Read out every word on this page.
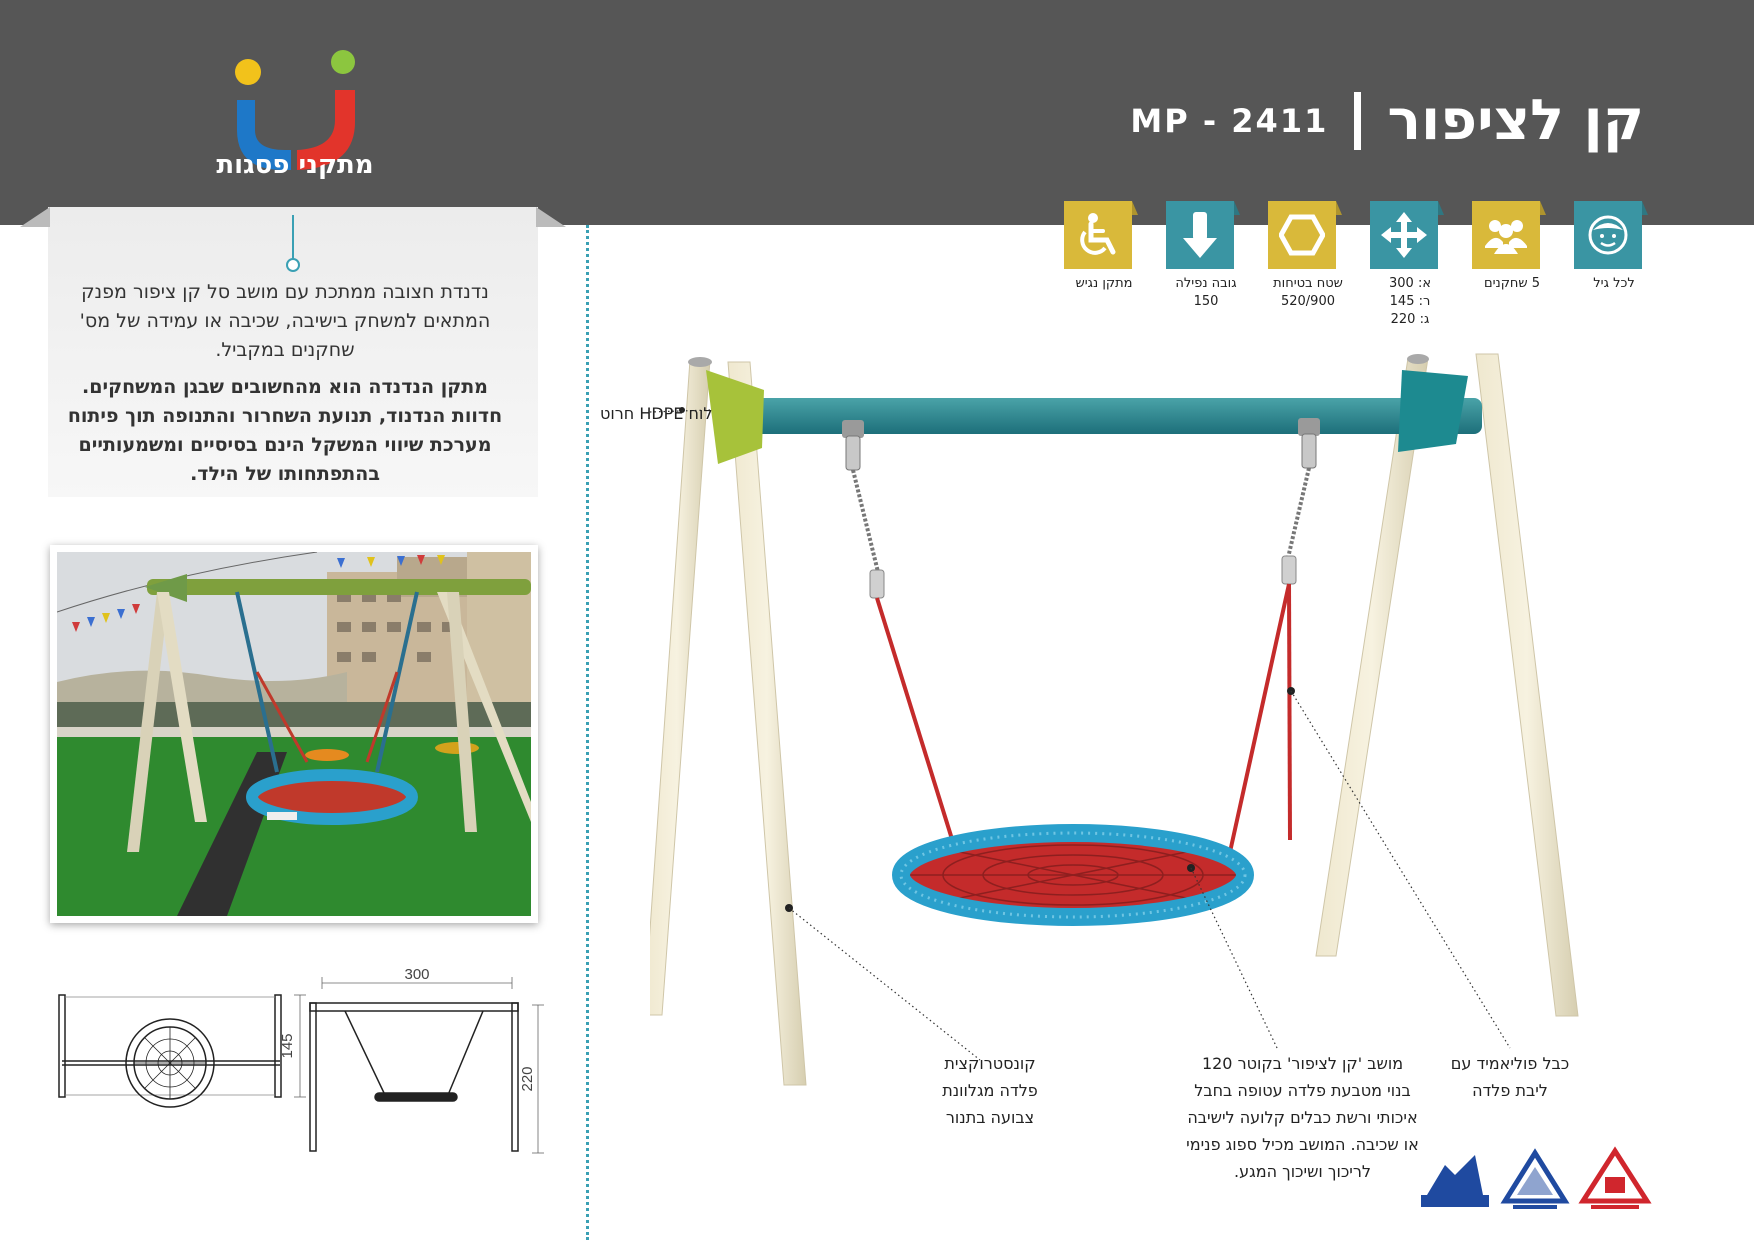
מתקני פסגות
MP - 2411 קן לציפור

נדנדת חצובה ממתכת עם מושב סל קן ציפור מפנק המתאים למשחק בישיבה, שכיבה או עמידה של מס' שחקנים במקביל.

מתקן הנדנדה הוא מהחשובים שבגן המשחקים. חדוות הנדנוד, תנועת השחרור והתנופה תוך פיתוח מערכת שיווי המשקל הינם בסיסיים ומשמעותיים בהתפתחותו של הילד.

לכל גיל
5 שחקנים
א: 300
ר: 145
ג: 220
שטח בטיחות
520/900
גובה נפילה
150
מתקן נגיש
300
145
220
לוח HDPE חרוט
קונסטרוקצית
פלדה מגלוונת
צבועה בתנור
מושב 'קן לציפור' בקוטר 120
בנוי מטבעת פלדה עטופה בחבל
איכותי ורשת כבלים קלועה לישיבה
או שכיבה. המושב מכיל ספוג פנימי
לריכוך ושיכוך המגע.
כבל פוליאמיד עם
ליבת פלדה
